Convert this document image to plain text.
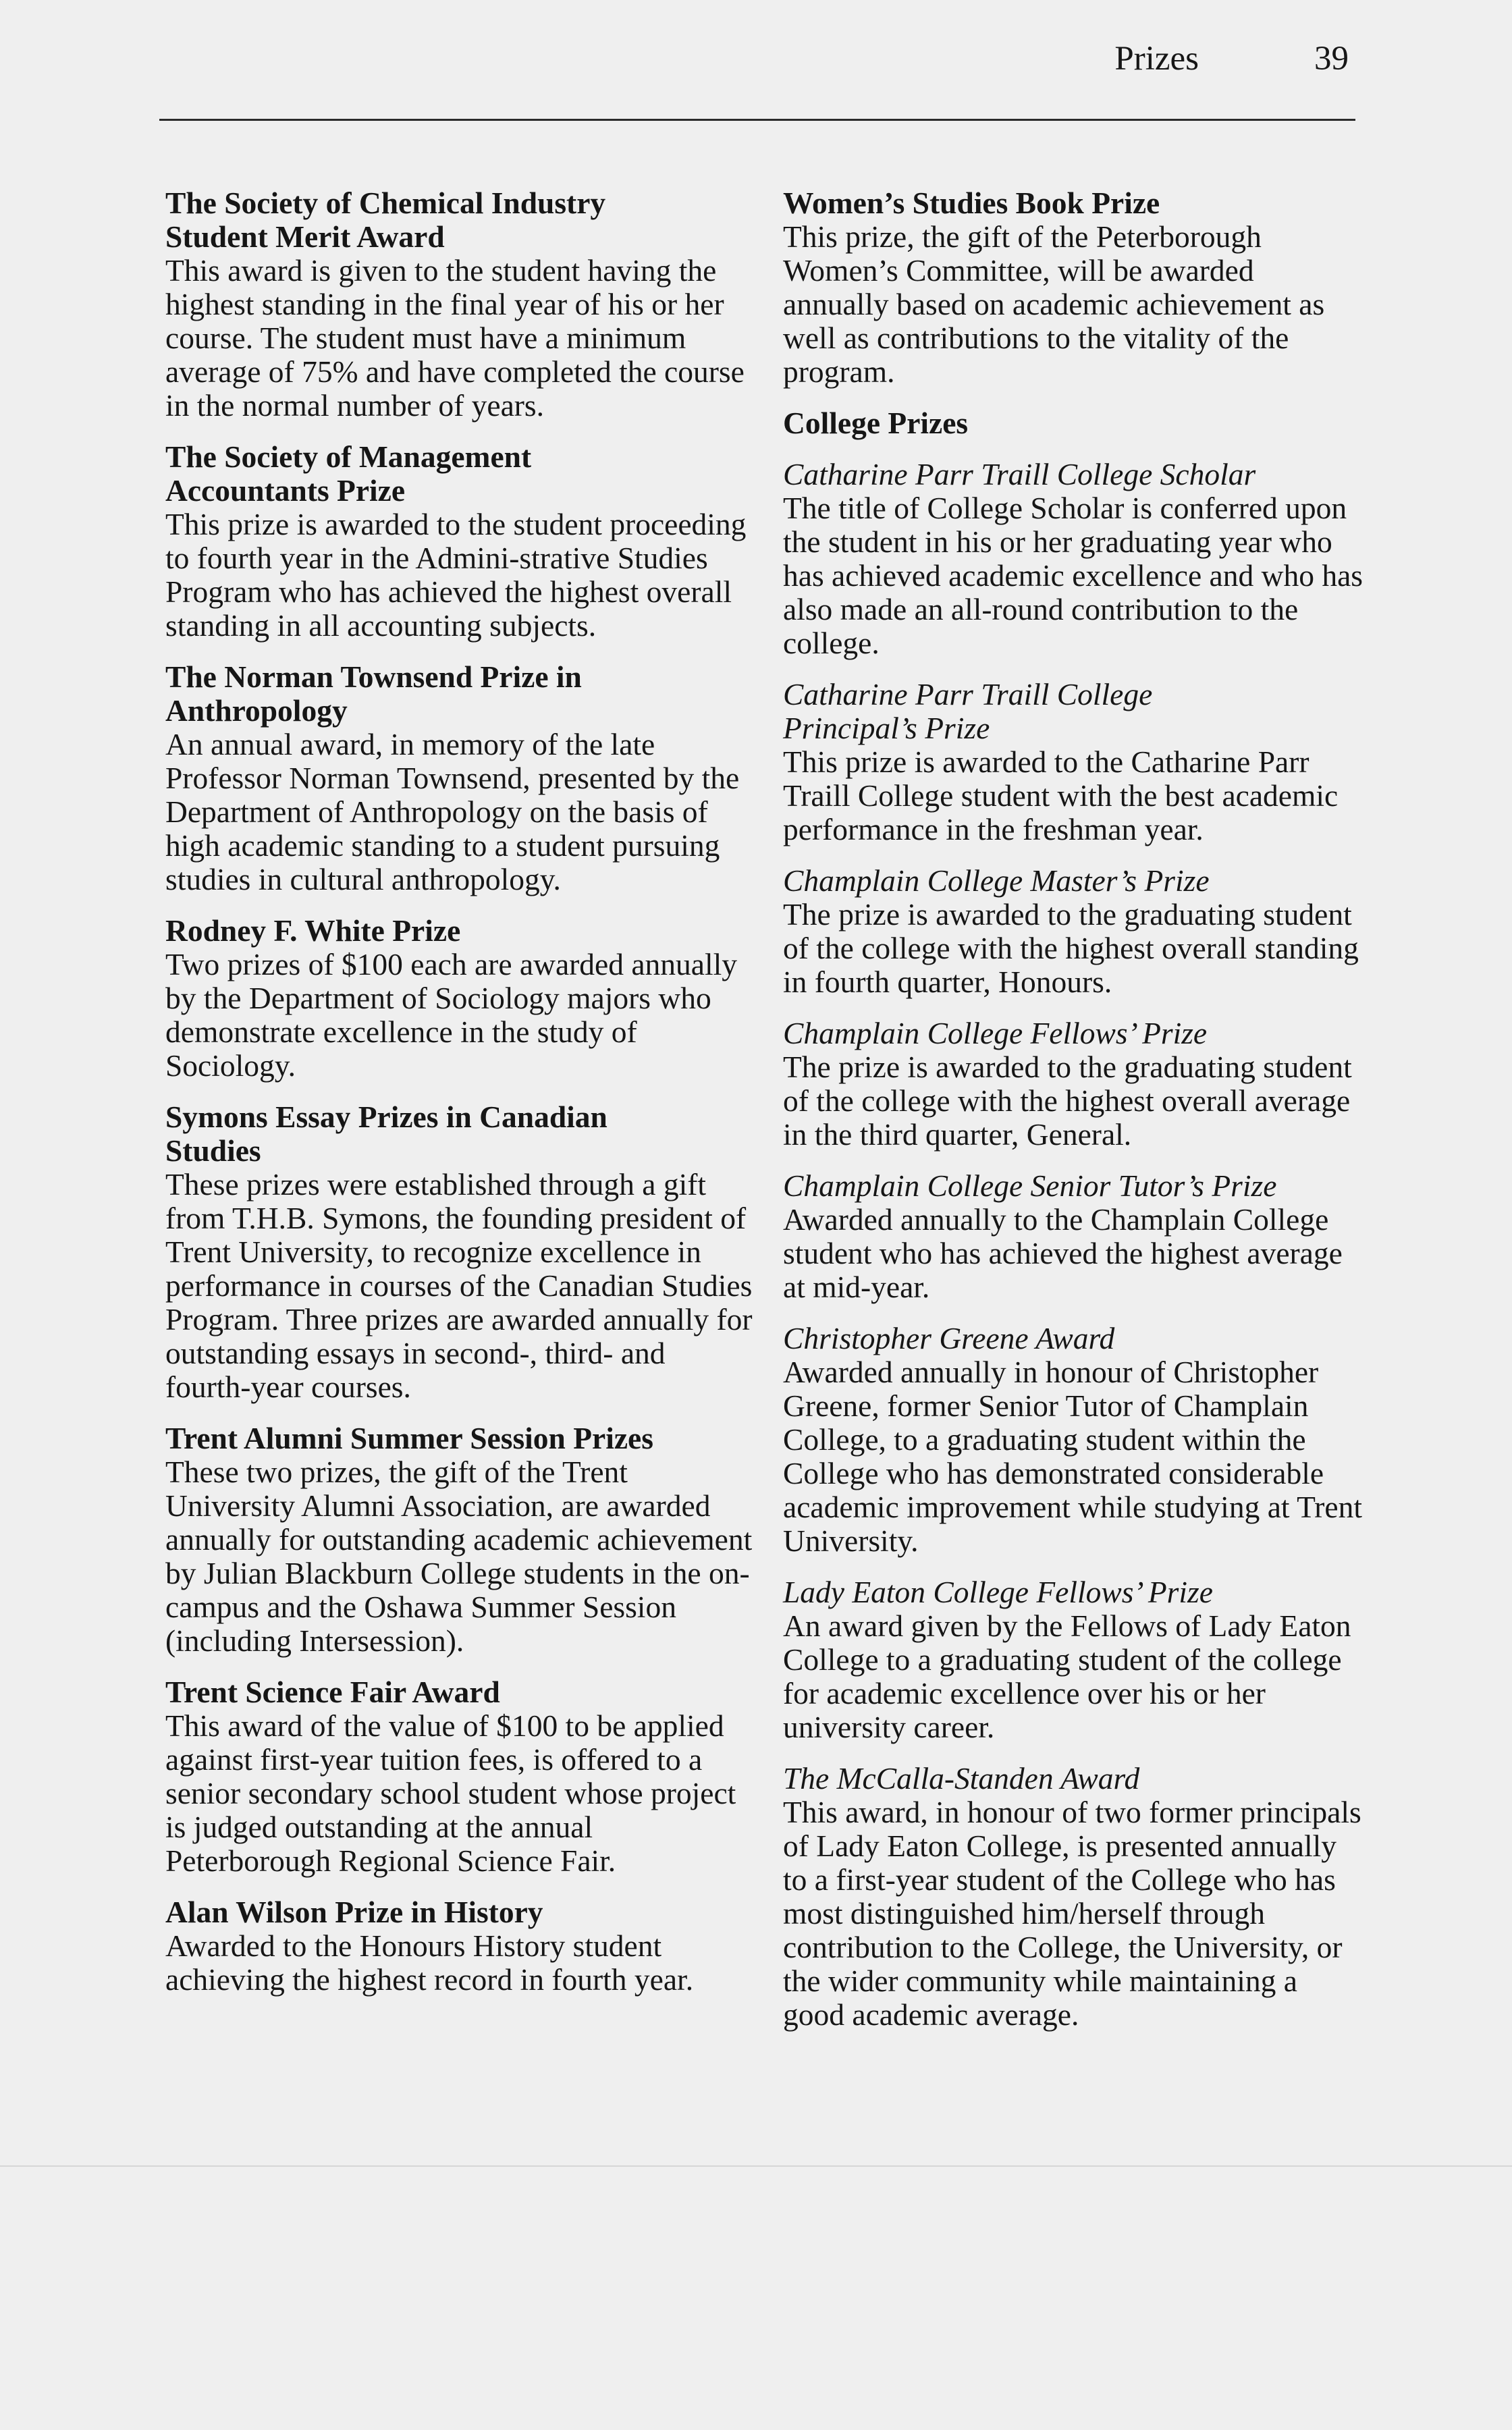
Prizes	39

The Society of Chemical Industry
Student Merit Award

This award is given to the student having the highest standing in the final year of his or her course. The student must have a minimum average of 75% and have completed the course in the normal number of years.

The Society of Management
Accountants Prize

This prize is awarded to the student proceeding to fourth year in the Admini-strative Studies Program who has achieved the highest overall standing in all accounting subjects.

The Norman Townsend Prize in
Anthropology

An annual award, in memory of the late Professor Norman Townsend, presented by the Department of Anthropology on the basis of high academic standing to a student pursuing studies in cultural anthropology.

Rodney F. White Prize

Two prizes of $100 each are awarded annually by the Department of Sociology majors who demonstrate excellence in the study of Sociology.

Symons Essay Prizes in Canadian
Studies

These prizes were established through a gift from T.H.B. Symons, the founding president of Trent University, to recognize excellence in performance in courses of the Canadian Studies Program. Three prizes are awarded annually for outstanding essays in second-, third- and fourth-year courses.

Trent Alumni Summer Session Prizes

These two prizes, the gift of the Trent University Alumni Association, are awarded annually for outstanding academic achievement by Julian Blackburn College students in the on-campus and the Oshawa Summer Session (including Intersession).

Trent Science Fair Award

This award of the value of $100 to be applied against first-year tuition fees, is offered to a senior secondary school student whose project is judged outstanding at the annual Peterborough Regional Science Fair.

Alan Wilson Prize in History

Awarded to the Honours History student achieving the highest record in fourth year.

Women’s Studies Book Prize

This prize, the gift of the Peterborough Women’s Committee, will be awarded annually based on academic achievement as well as contributions to the vitality of the program.

College Prizes

Catharine Parr Traill College Scholar

The title of College Scholar is conferred upon the student in his or her graduating year who has achieved academic excellence and who has also made an all-round contribution to the college.

Catharine Parr Traill College
Principal’s Prize

This prize is awarded to the Catharine Parr Traill College student with the best academic performance in the freshman year.

Champlain College Master’s Prize

The prize is awarded to the graduating student of the college with the highest overall standing in fourth quarter, Honours.

Champlain College Fellows’ Prize

The prize is awarded to the graduating student of the college with the highest overall average in the third quarter, General.

Champlain College Senior Tutor’s Prize

Awarded annually to the Champlain College student who has achieved the highest average at mid-year.

Christopher Greene Award

Awarded annually in honour of Christopher Greene, former Senior Tutor of Champlain College, to a graduating student within the College who has demonstrated considerable academic improvement while studying at Trent University.

Lady Eaton College Fellows’ Prize

An award given by the Fellows of Lady Eaton College to a graduating student of the college for academic excellence over his or her university career.

The McCalla-Standen Award

This award, in honour of two former principals of Lady Eaton College, is presented annually to a first-year student of the College who has most distinguished him/herself through contribution to the College, the University, or the wider community while maintaining a good academic average.
